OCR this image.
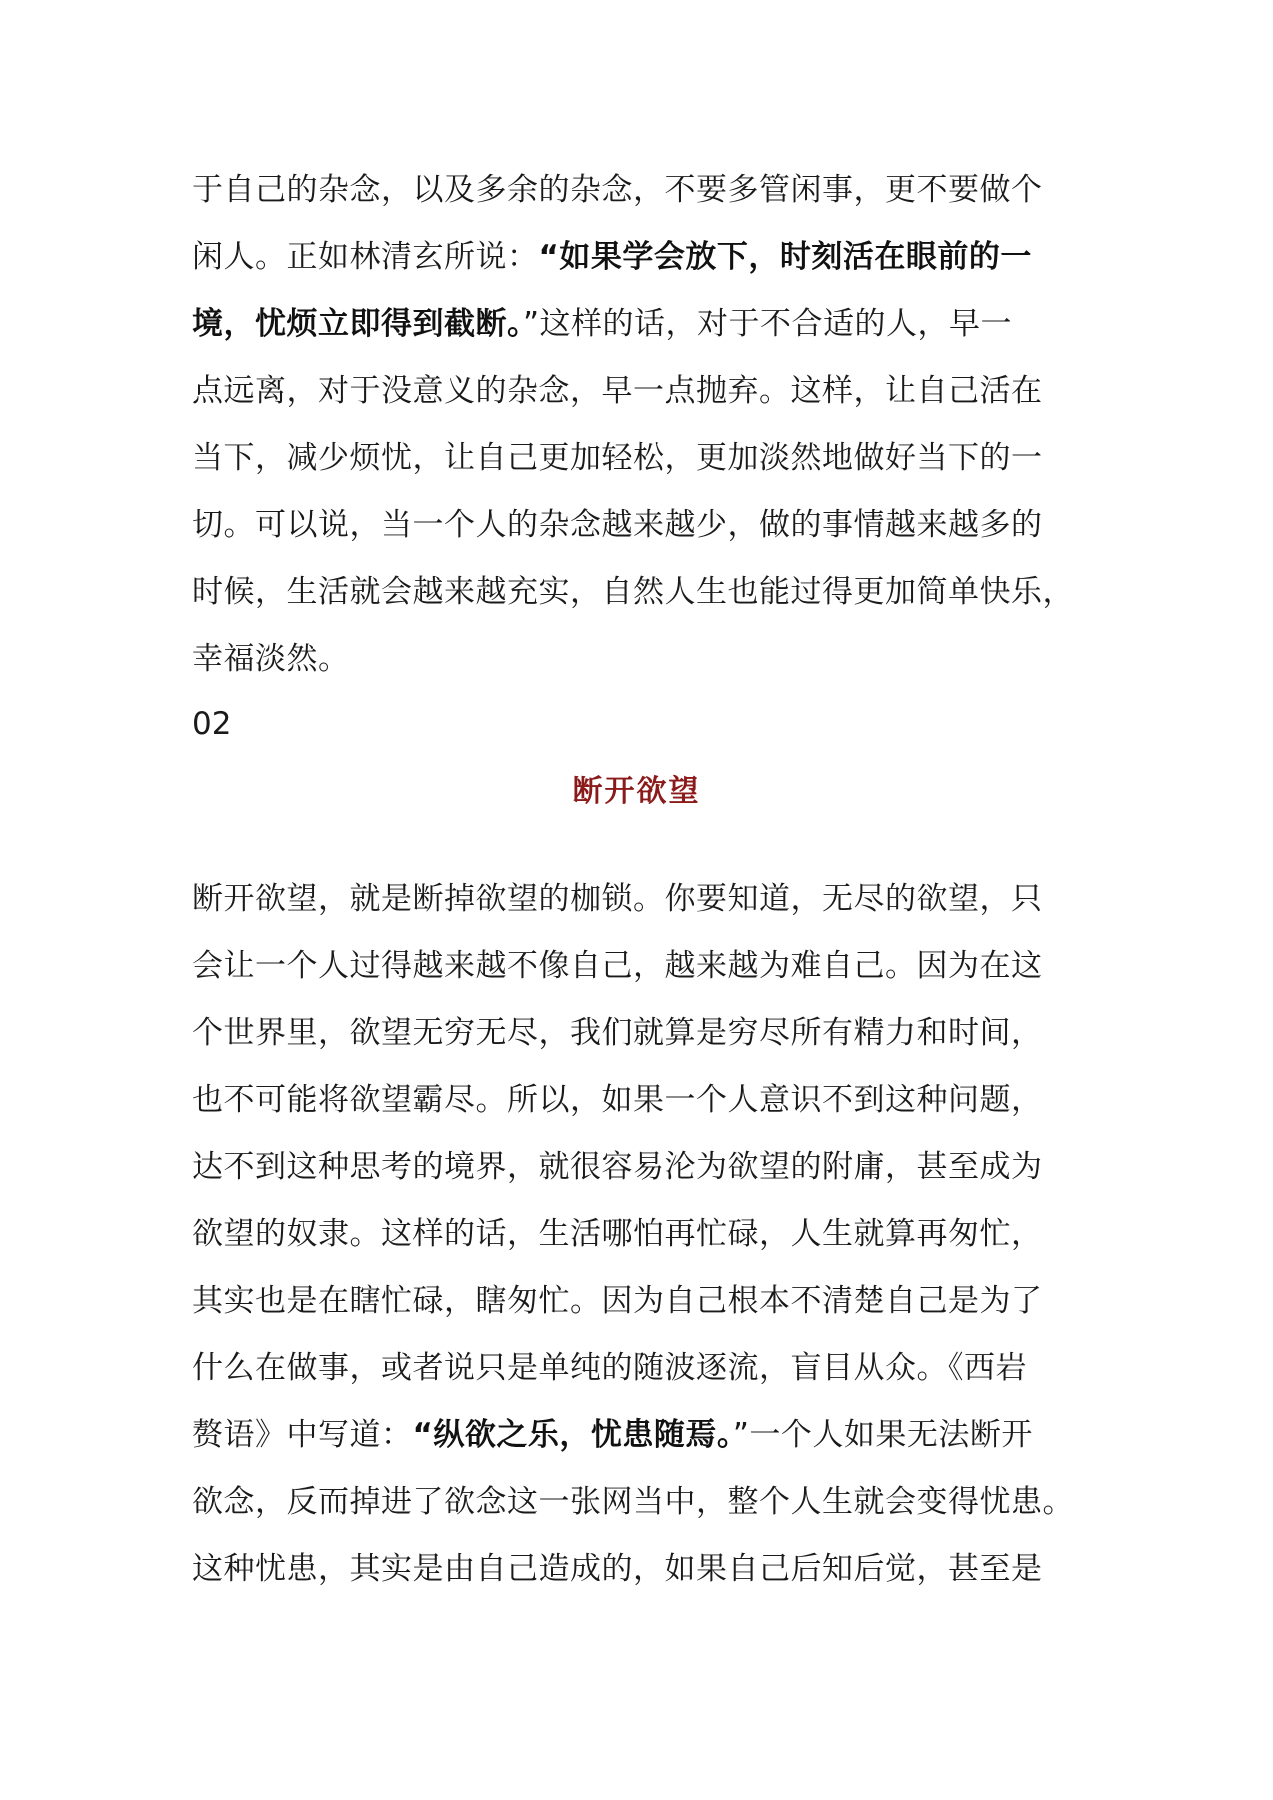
于自己的杂念，以及多余的杂念，不要多管闲事，更不要做个
闲人。正如林清玄所说：“如果学会放下，时刻活在眼前的一
境，忧烦立即得到截断。”这样的话，对于不合适的人，早一
点远离，对于没意义的杂念，早一点抛弃。这样，让自己活在
当下，减少烦忧，让自己更加轻松，更加淡然地做好当下的一
切。可以说，当一个人的杂念越来越少，做的事情越来越多的
时候，生活就会越来越充实，自然人生也能过得更加简单快乐，
幸福淡然。
02
断开欲望
断开欲望，就是断掉欲望的枷锁。你要知道，无尽的欲望，只
会让一个人过得越来越不像自己，越来越为难自己。因为在这
个世界里，欲望无穷无尽，我们就算是穷尽所有精力和时间，
也不可能将欲望霸尽。所以，如果一个人意识不到这种问题，
达不到这种思考的境界，就很容易沦为欲望的附庸，甚至成为
欲望的奴隶。这样的话，生活哪怕再忙碌，人生就算再匆忙，
其实也是在瞎忙碌，瞎匆忙。因为自己根本不清楚自己是为了
什么在做事，或者说只是单纯的随波逐流，盲目从众。《西岩
赘语》中写道：“纵欲之乐，忧患随焉。”一个人如果无法断开
欲念，反而掉进了欲念这一张网当中，整个人生就会变得忧患。
这种忧患，其实是由自己造成的，如果自己后知后觉，甚至是
